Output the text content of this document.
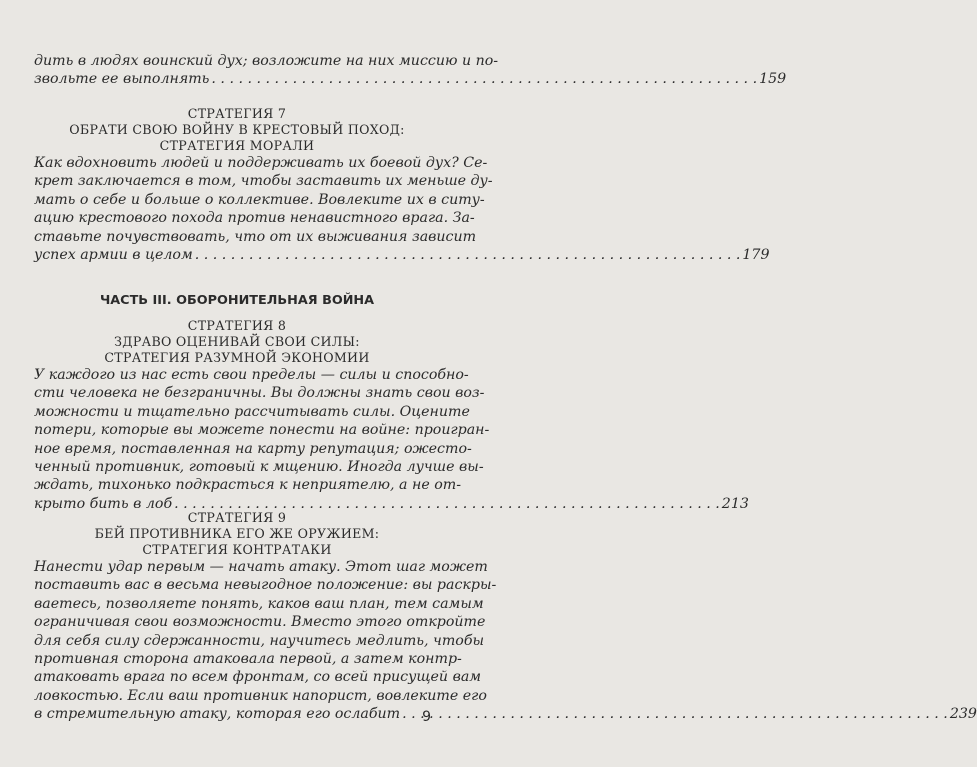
дить в людях воинский дух; возложите на них миссию и по-
звольте ее выполнять . . .	159
СТРАТЕГИЯ 7
ОБРАТИ СВОЮ ВОЙНУ В КРЕСТОВЫЙ ПОХОД:
СТРАТЕГИЯ МОРАЛИ
Как вдохновить людей и поддерживать их боевой дух? Се-
крет заключается в том, чтобы заставить их меньше ду-
мать о себе и больше о коллективе. Вовлеките их в ситу-
ацию крестового похода против ненавистного врага. За-
ставьте почувствовать, что от их выживания зависит
успех армии в целом . . .	179
ЧАСТЬ III. ОБОРОНИТЕЛЬНАЯ ВОЙНА
СТРАТЕГИЯ 8
ЗДРАВО ОЦЕНИВАЙ СВОИ СИЛЫ:
СТРАТЕГИЯ РАЗУМНОЙ ЭКОНОМИИ
У каждого из нас есть свои пределы — силы и способно-
сти человека не безграничны. Вы должны знать свои воз-
можности и тщательно рассчитывать силы. Оцените
потери, которые вы можете понести на войне: проигран-
ное время, поставленная на карту репутация; ожесто-
ченный противник, готовый к мщению. Иногда лучше вы-
ждать, тихонько подкрасться к неприятелю, а не от-
крыто бить в лоб . . .	213
СТРАТЕГИЯ 9
БЕЙ ПРОТИВНИКА ЕГО ЖЕ ОРУЖИЕМ:
СТРАТЕГИЯ КОНТРАТАКИ
Нанести удар первым — начать атаку. Этот шаг может
поставить вас в весьма невыгодное положение: вы раскры-
ваетесь, позволяете понять, каков ваш план, тем самым
ограничивая свои возможности. Вместо этого откройте
для себя силу сдержанности, научитесь медлить, чтобы
противная сторона атаковала первой, а затем контр-
атаковать врага по всем фронтам, со всей присущей вам
ловкостью. Если ваш противник напорист, вовлеките его
в стремительную атаку, которая его ослабит . . .	239
9
